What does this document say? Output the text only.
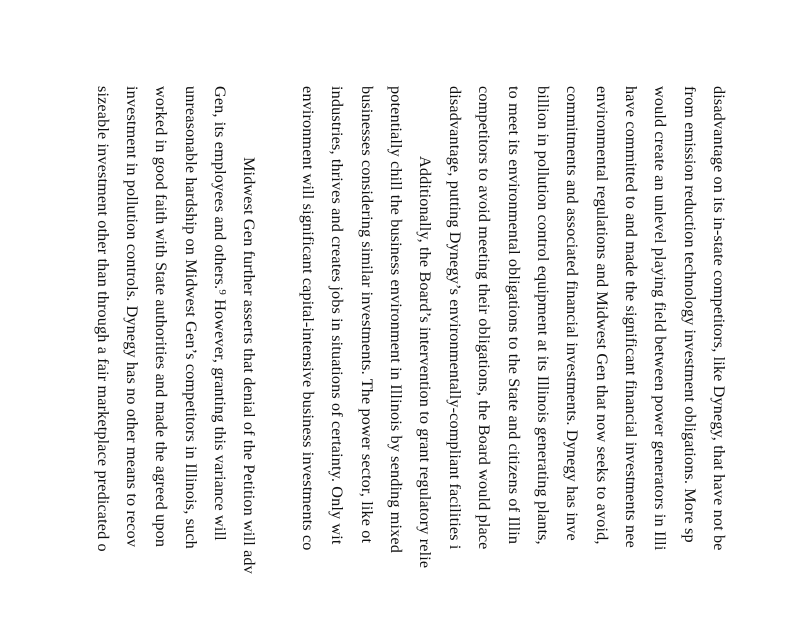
disadvantage on its in-state competitors, like Dynegy, that have not be
from emission reduction technology investment obligations. More sp
would create an unlevel playing field between power generators in Illi
have committed to and made the significant financial investments nee
environmental regulations and Midwest Gen that now seeks to avoid,
commitments and associated financial investments. Dynegy has inve
billion in pollution control equipment at its Illinois generating plants,
to meet its environmental obligations to the State and citizens of Illin
competitors to avoid meeting their obligations, the Board would place
disadvantage, putting Dynegy’s environmentally-compliant facilities i
Additionally, the Board’s intervention to grant regulatory relie
potentially chill the business environment in Illinois by sending mixed
businesses considering similar investments. The power sector, like ot
industries, thrives and creates jobs in situations of certainty. Only wit
environment will significant capital-intensive business investments co
Midwest Gen further asserts that denial of the Petition will adv
Gen, its employees and others.⁹ However, granting this variance will
unreasonable hardship on Midwest Gen’s competitors in Illinois, such
worked in good faith with State authorities and made the agreed upon
investment in pollution controls. Dynegy has no other means to recov
sizeable investment other than through a fair marketplace predicated o
